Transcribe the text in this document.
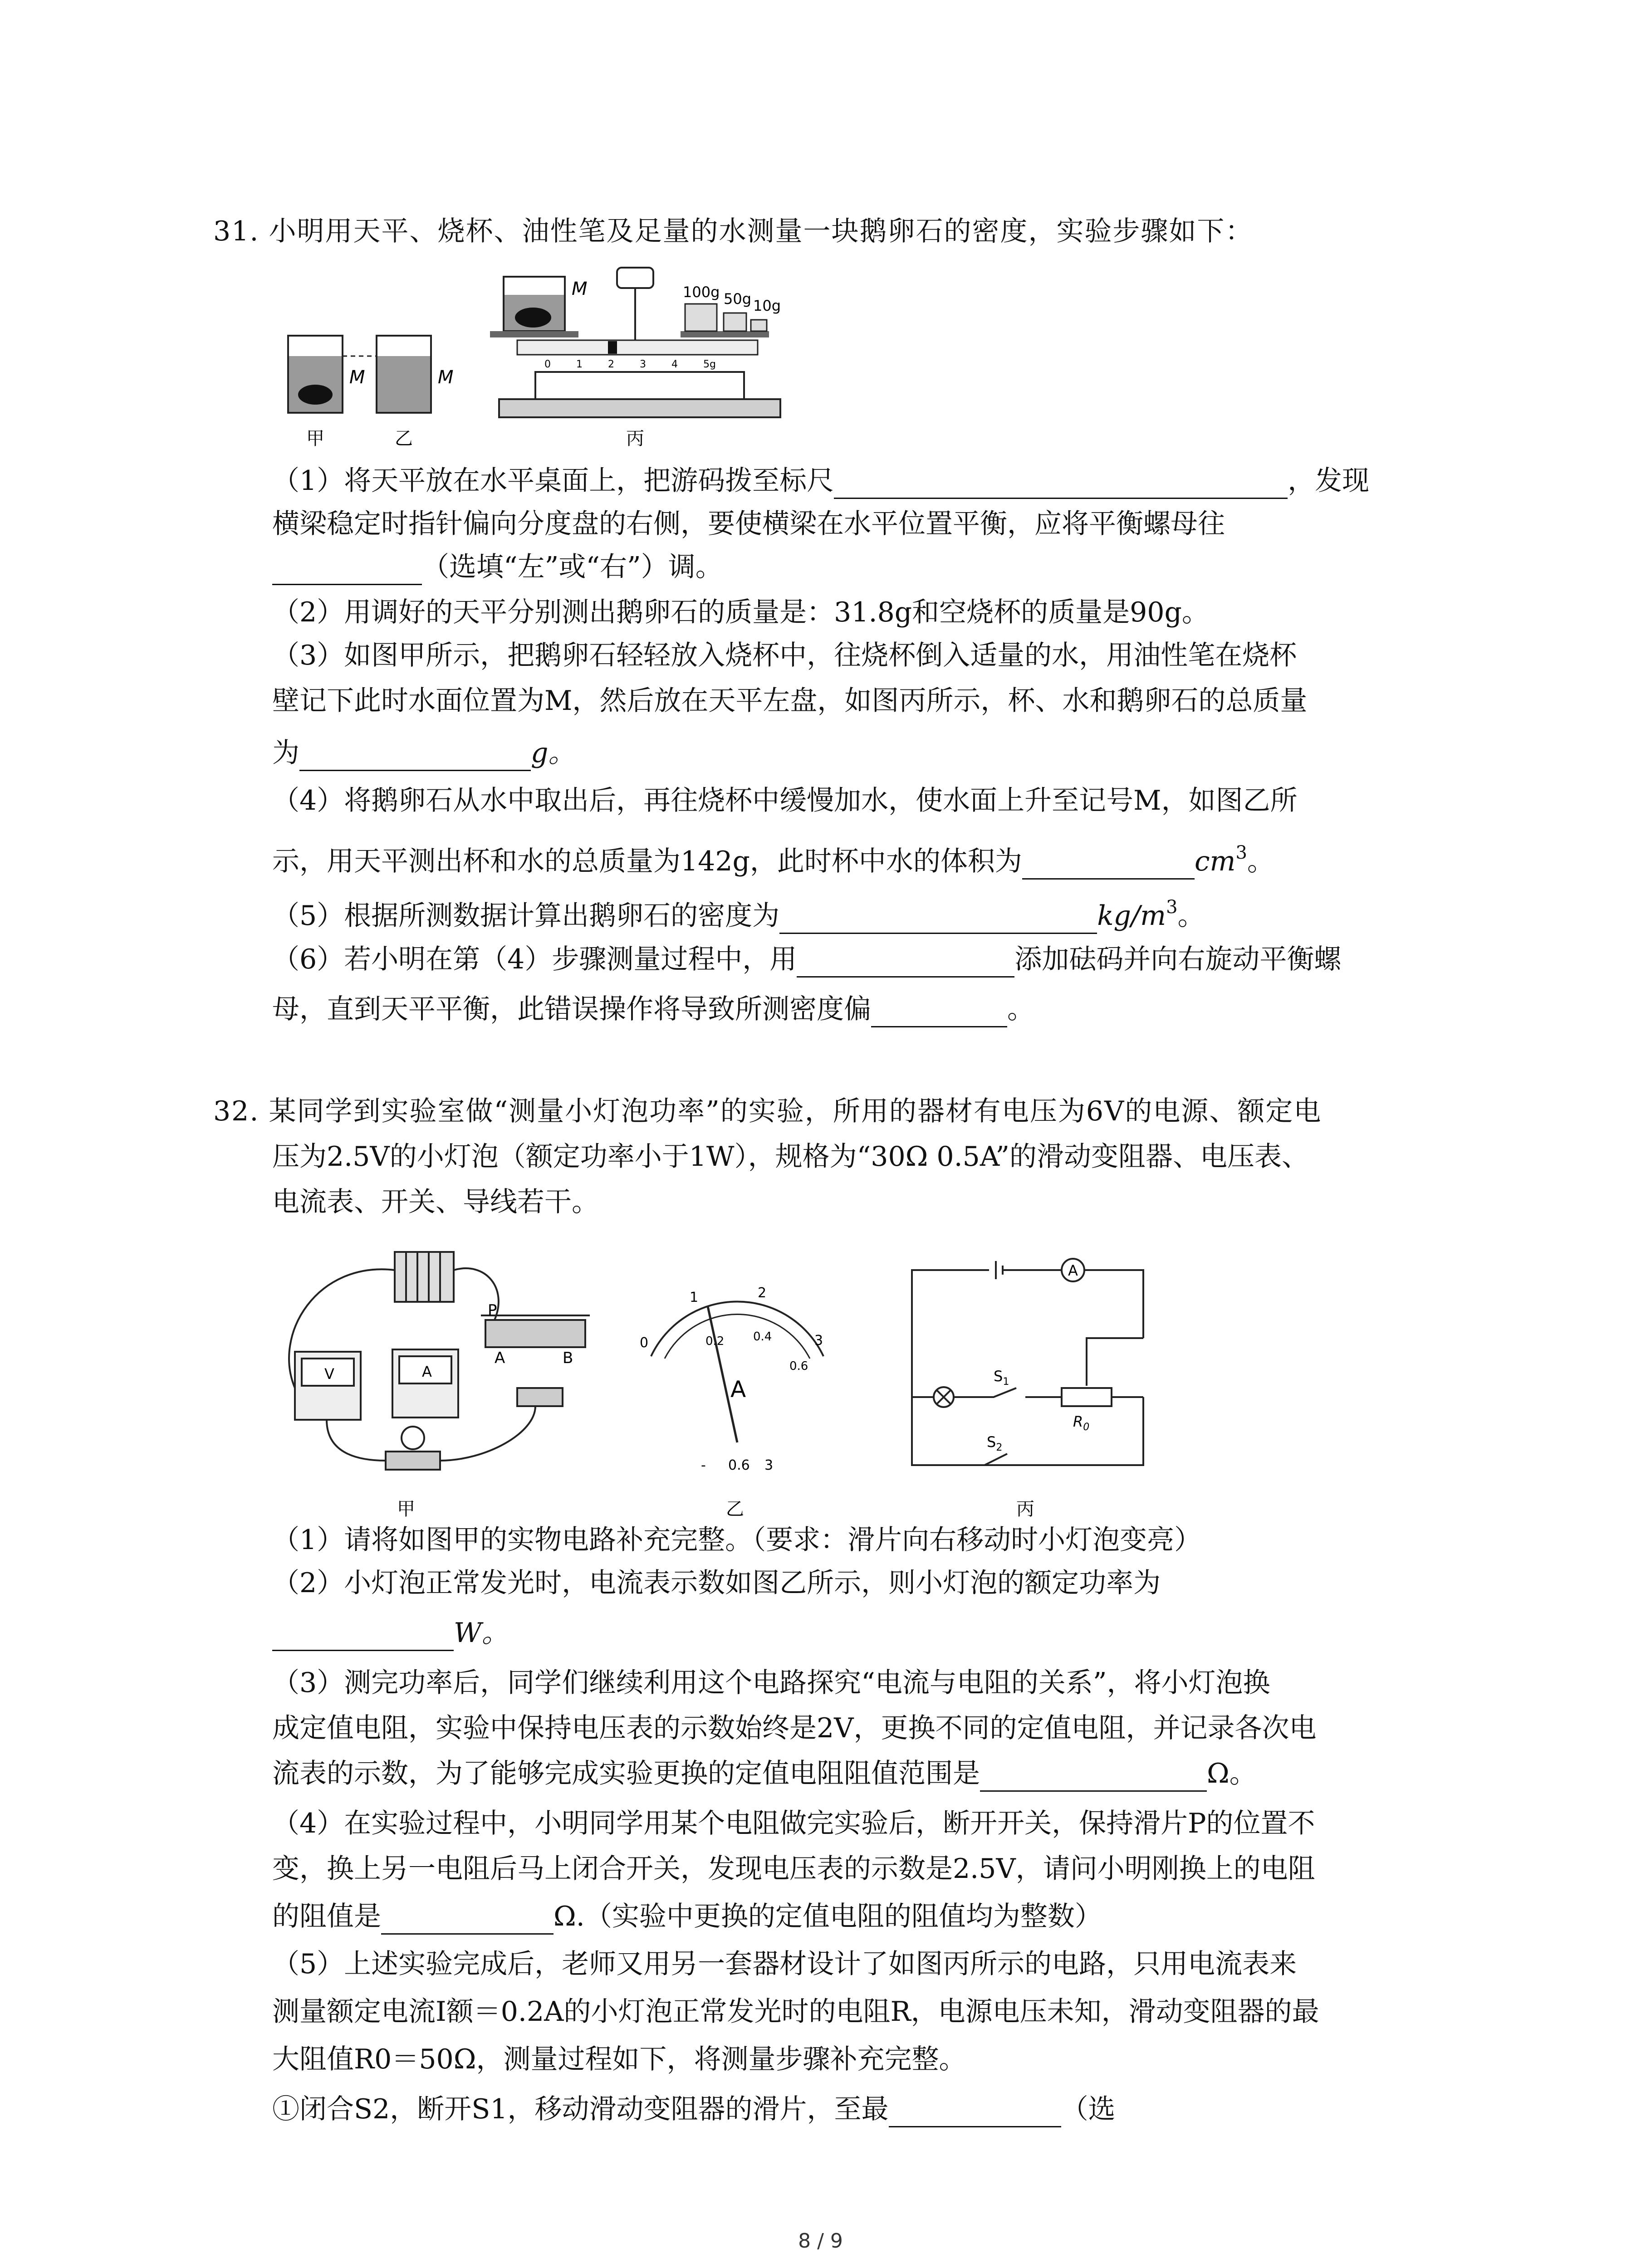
31. 小明用天平、烧杯、油性笔及足量的水测量一块鹅卵石的密度，实验步骤如下：
M	M
M
0	1	2	3	4	5g
100g 50g 10g
甲	乙	丙
（1）将天平放在水平桌面上，把游码拨至标尺	，发现
横梁稳定时指针偏向分度盘的右侧，要使横梁在水平位置平衡，应将平衡螺母往
（选填“左”或“右”）调。
（2）用调好的天平分别测出鹅卵石的质量是：31.8g和空烧杯的质量是90g。
（3）如图甲所示，把鹅卵石轻轻放入烧杯中，往烧杯倒入适量的水，用油性笔在烧杯
壁记下此时水面位置为M，然后放在天平左盘，如图丙所示，杯、水和鹅卵石的总质量
为	g。
（4）将鹅卵石从水中取出后，再往烧杯中缓慢加水，使水面上升至记号M，如图乙所
示，用天平测出杯和水的总质量为142g，此时杯中水的体积为	$cm^3$。
（5）根据所测数据计算出鹅卵石的密度为	$kg/m^3$。
（6）若小明在第（4）步骤测量过程中，用	添加砝码并向右旋动平衡螺
母，直到天平平衡，此错误操作将导致所测密度偏	。
32. 某同学到实验室做“测量小灯泡功率”的实验，所用的器材有电压为6V的电源、额定电
压为2.5V的小灯泡（额定功率小于1W），规格为“30Ω 0.5A”的滑动变阻器、电压表、
电流表、开关、导线若干。
P
A	B
V	A
0
1	2
3
0.2 0.4
0.6
A
- 0.6 3
A
$S_1$
$S_2$
$R_0$
甲	乙	丙
（1）请将如图甲的实物电路补充完整。（要求：滑片向右移动时小灯泡变亮）
（2）小灯泡正常发光时，电流表示数如图乙所示，则小灯泡的额定功率为
W。
（3）测完功率后，同学们继续利用这个电路探究“电流与电阻的关系”，将小灯泡换
成定值电阻，实验中保持电压表的示数始终是2V，更换不同的定值电阻，并记录各次电
流表的示数，为了能够完成实验更换的定值电阻阻值范围是	Ω。
（4）在实验过程中，小明同学用某个电阻做完实验后，断开开关，保持滑片P的位置不
变，换上另一电阻后马上闭合开关，发现电压表的示数是2.5V，请问小明刚换上的电阻
的阻值是	Ω.（实验中更换的定值电阻的阻值均为整数）
（5）上述实验完成后，老师又用另一套器材设计了如图丙所示的电路，只用电流表来
测量额定电流I额＝0.2A的小灯泡正常发光时的电阻R，电源电压未知，滑动变阻器的最
大阻值R0＝50Ω，测量过程如下，将测量步骤补充完整。
①闭合S2，断开S1，移动滑动变阻器的滑片，至最	（选
8 / 9
